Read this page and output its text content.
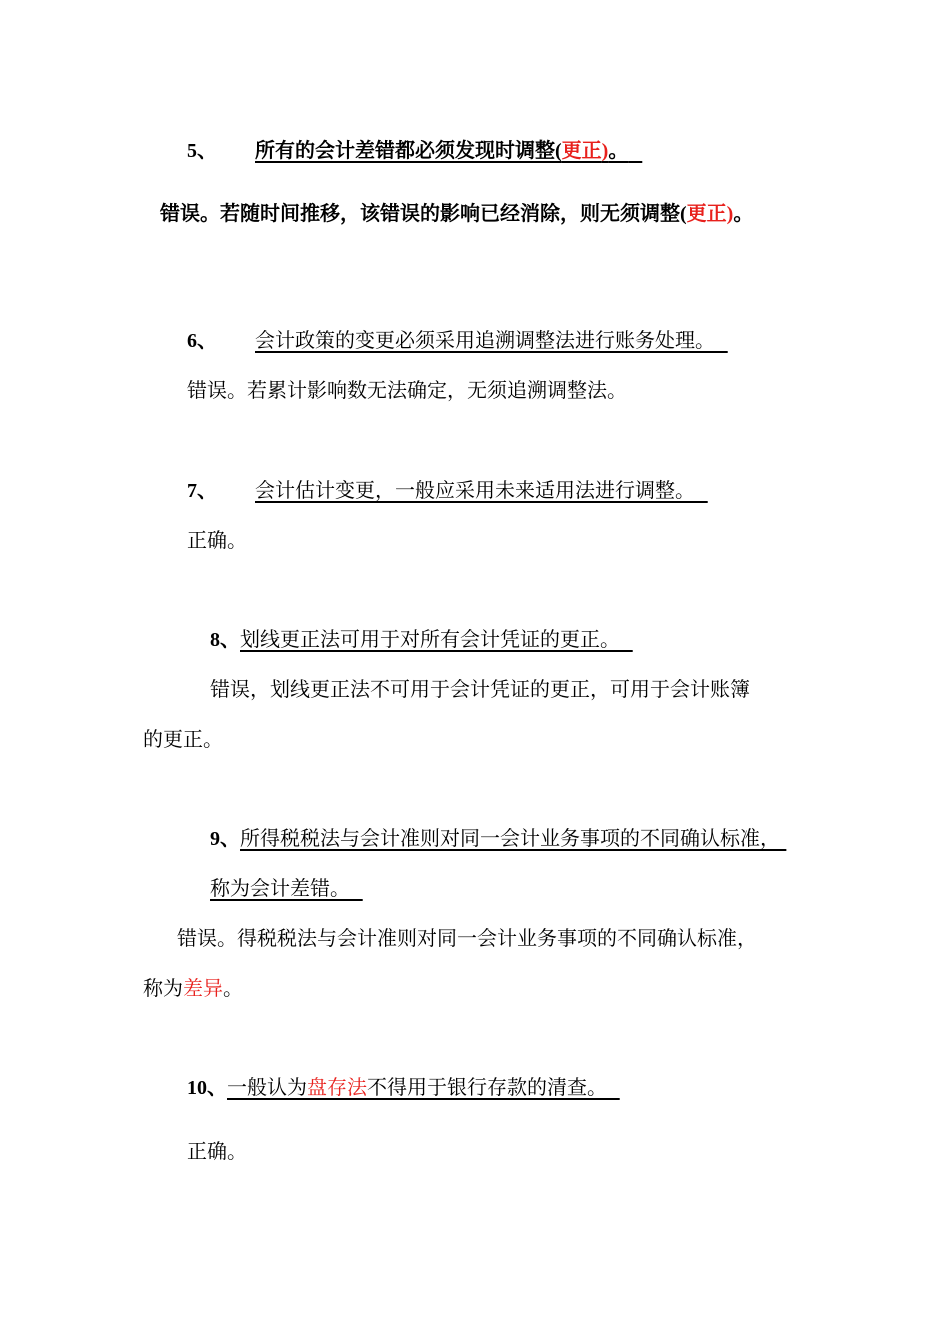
5、 所有的会计差错都必须发现时调整(更正)。
错误。若随时间推移，该错误的影响已经消除，则无须调整(更正)。
6、 会计政策的变更必须采用追溯调整法进行账务处理。
错误。若累计影响数无法确定，无须追溯调整法。
7、 会计估计变更，一般应采用未来适用法进行调整。
正确。
8、划线更正法可用于对所有会计凭证的更正。
错误，划线更正法不可用于会计凭证的更正，可用于会计账簿
的更正。
9、所得税税法与会计准则对同一会计业务事项的不同确认标准，
称为会计差错。
错误。得税税法与会计准则对同一会计业务事项的不同确认标准，
称为差异。
10、一般认为盘存法不得用于银行存款的清查。
正确。
